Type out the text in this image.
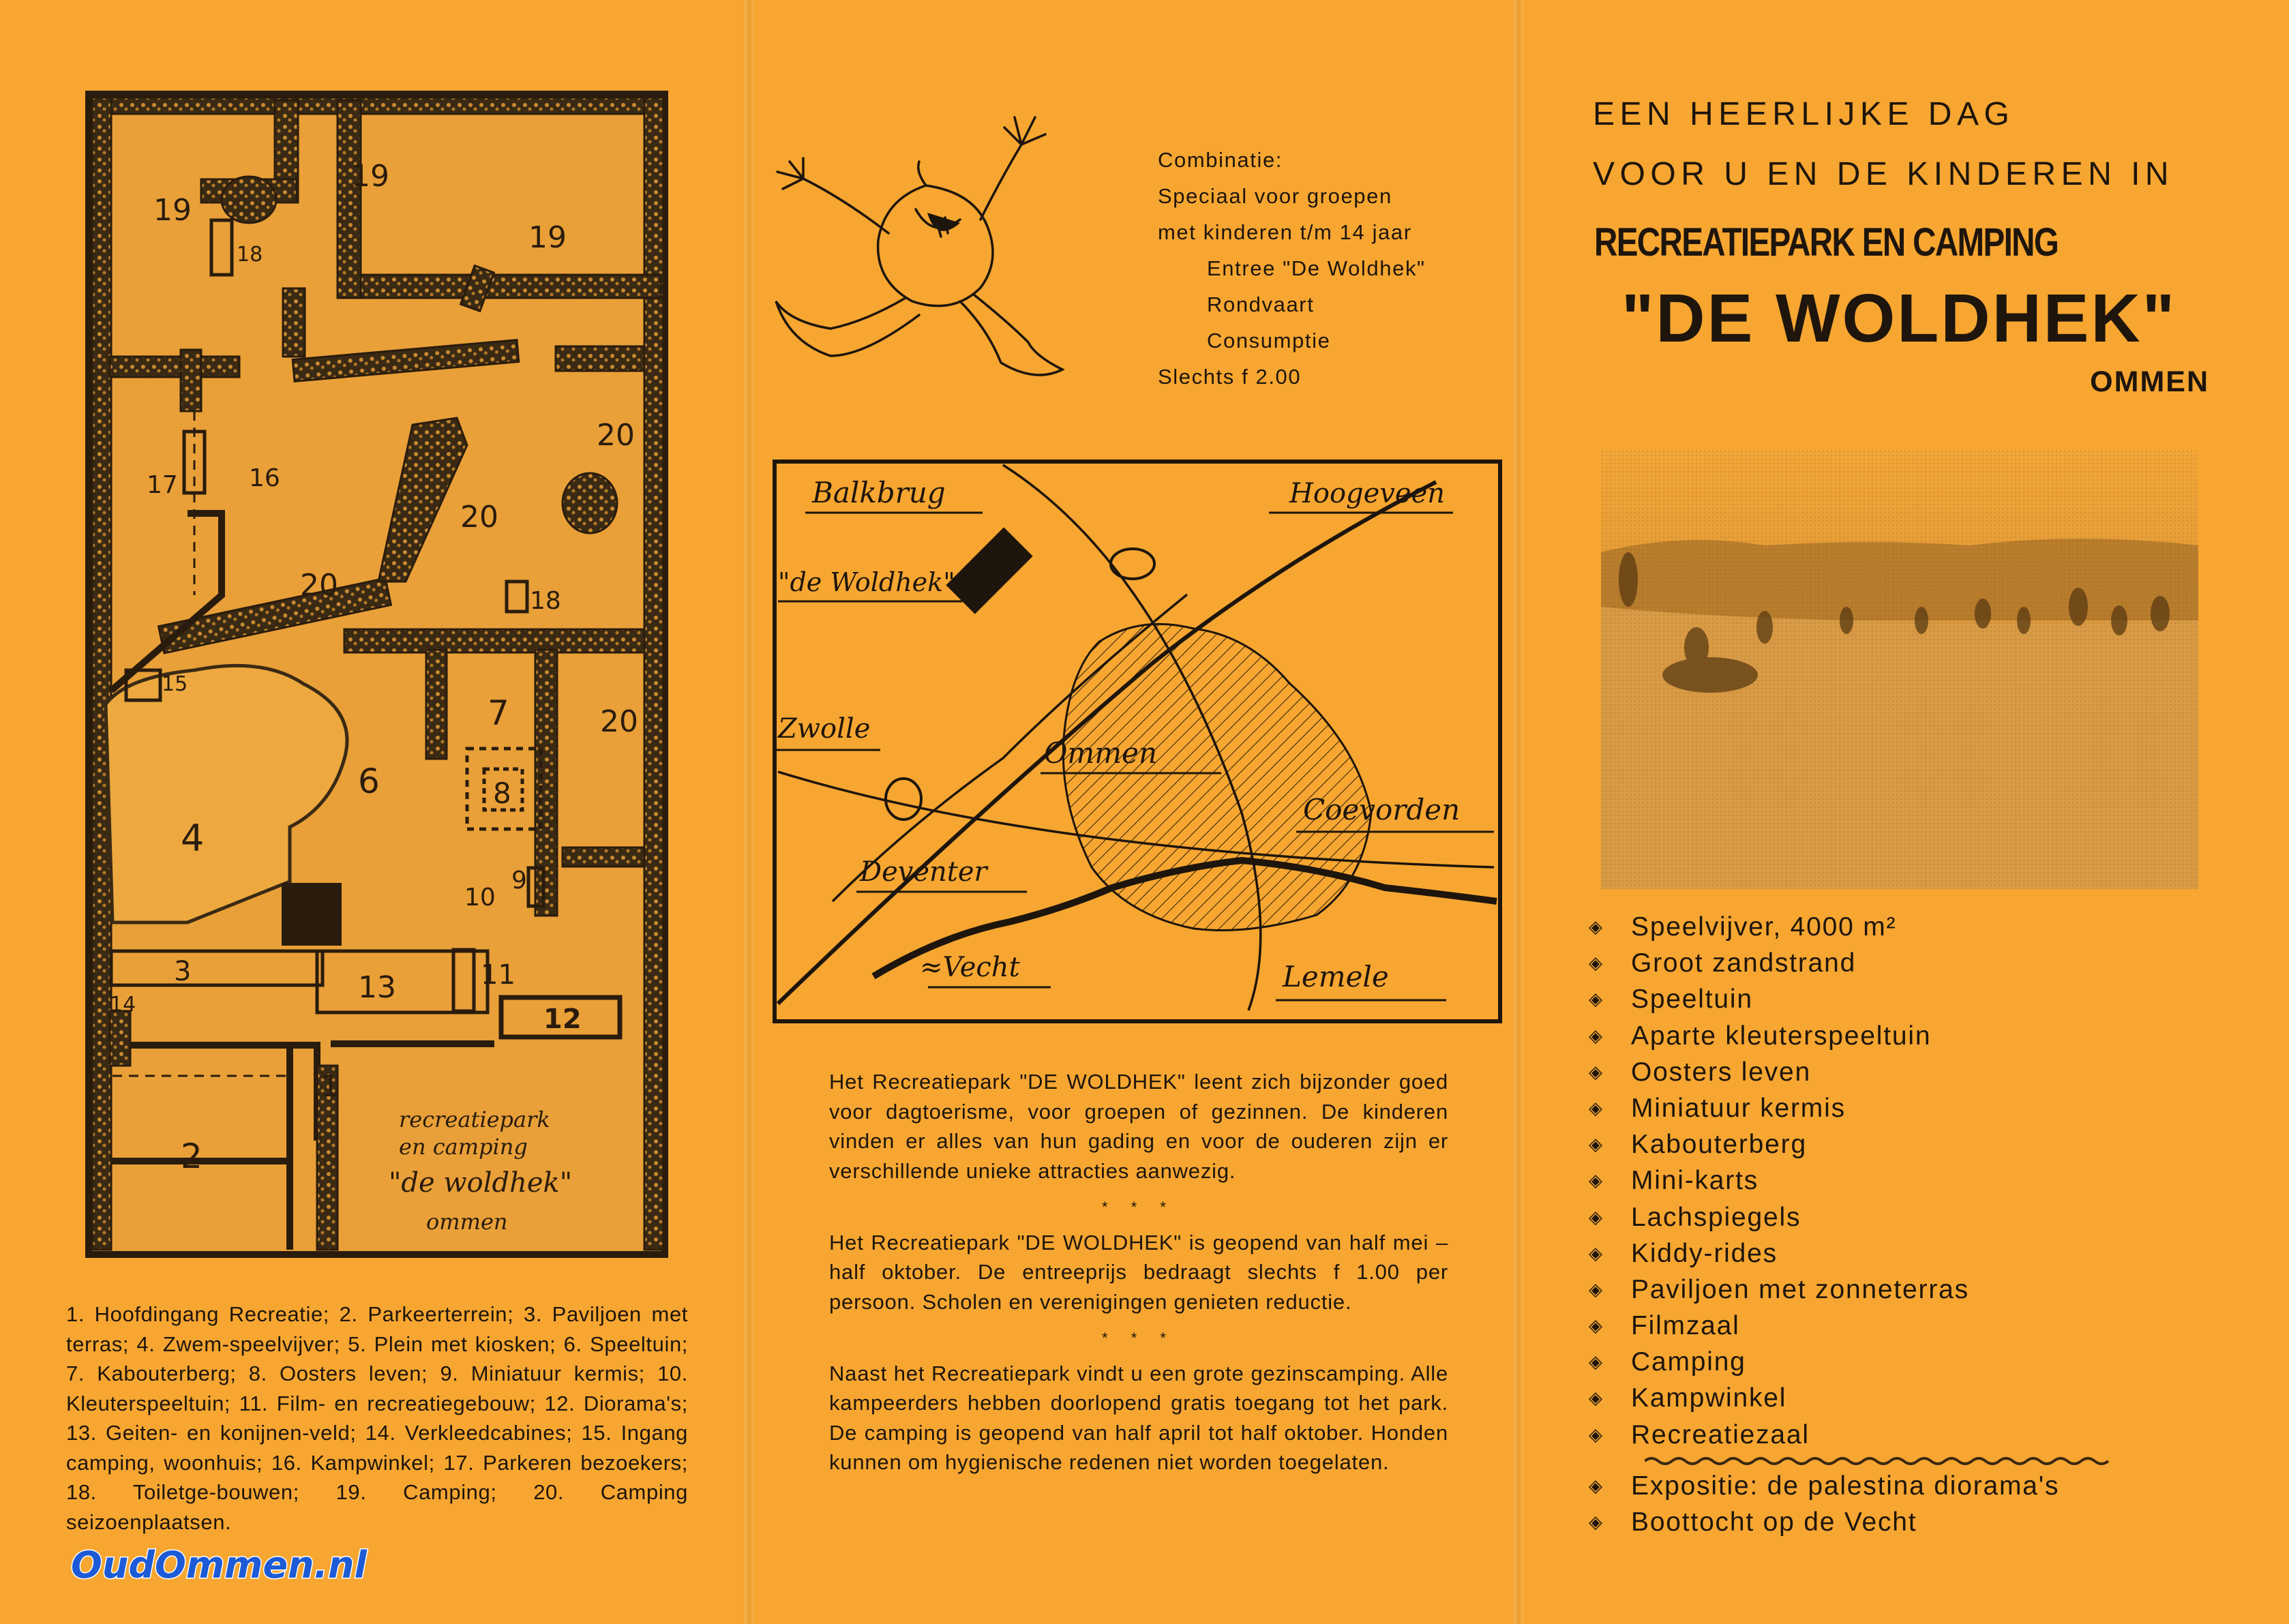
19
19
19
18
17	16
20
20
20
20
18
15
7
8
6
4
9
10
3
14	13	11
12
1
2
recreatiepark
en camping
"de woldhek"
ommen
1. Hoofdingang Recreatie; 2. Parkeerterrein; 3. Paviljoen met terras; 4. Zwem-speelvijver; 5. Plein met kiosken; 6. Speeltuin; 7. Kabouterberg; 8. Oosters leven; 9. Miniatuur kermis; 10. Kleuterspeeltuin; 11. Film- en recreatiegebouw; 12. Diorama's; 13. Geiten- en konijnen-veld; 14. Verkleedcabines; 15. Ingang camping, woonhuis; 16. Kampwinkel; 17. Parkeren bezoekers; 18. Toiletge-bouwen; 19. Camping; 20. Camping seizoenplaatsen.
OudOmmen.nl
Combinatie:
Speciaal voor groepen
met kinderen t/m 14 jaar
Entree "De Woldhek"
Rondvaart
Consumptie
Slechts f 2.00
Balkbrug	Hoogeveen
"de Woldhek"
Zwolle
Ommen
Coevorden
Deventer
≈Vecht	Lemele

Het Recreatiepark "DE WOLDHEK" leent zich bijzonder goed voor dagtoerisme, voor groepen of gezinnen. De kinderen vinden er alles van hun gading en voor de ouderen zijn er verschillende unieke attracties aanwezig.

* * *

Het Recreatiepark "DE WOLDHEK" is geopend van half mei – half oktober. De entreeprijs bedraagt slechts f 1.00 per persoon. Scholen en verenigingen genieten reductie.

* * *

Naast het Recreatiepark vindt u een grote gezinscamping. Alle kampeerders hebben doorlopend gratis toegang tot het park. De camping is geopend van half april tot half oktober. Honden kunnen om hygienische redenen niet worden toegelaten.

EEN HEERLIJKE DAG
VOOR U EN DE KINDEREN IN
RECREATIEPARK EN CAMPING
"DE WOLDHEK"
OMMEN
◈	Speelvijver, 4000 m²
◈	Groot zandstrand
◈	Speeltuin
◈	Aparte kleuterspeeltuin
◈	Oosters leven
◈	Miniatuur kermis
◈	Kabouterberg
◈	Mini-karts
◈	Lachspiegels
◈	Kiddy-rides
◈	Paviljoen met zonneterras
◈	Filmzaal
◈	Camping
◈	Kampwinkel
◈	Recreatiezaal
◈	Expositie: de palestina diorama's
◈	Boottocht op de Vecht
